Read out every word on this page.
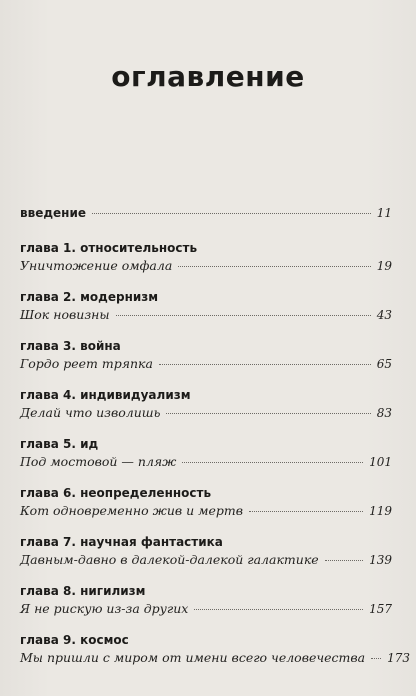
оглавление
введение	11
глава 1. относительность
Уничтожение омфала	19
глава 2. модернизм
Шок новизны	43
глава 3. война
Гордо реет тряпка	65
глава 4. индивидуализм
Делай что изволишь	83
глава 5. ид
Под мостовой — пляж	101
глава 6. неопределенность
Кот одновременно жив и мертв	119
глава 7. научная фантастика
Давным-давно в далекой-далекой галактике	139
глава 8. нигилизм
Я не рискую из-за других	157
глава 9. космос
Мы пришли с миром от имени всего человечества 173
